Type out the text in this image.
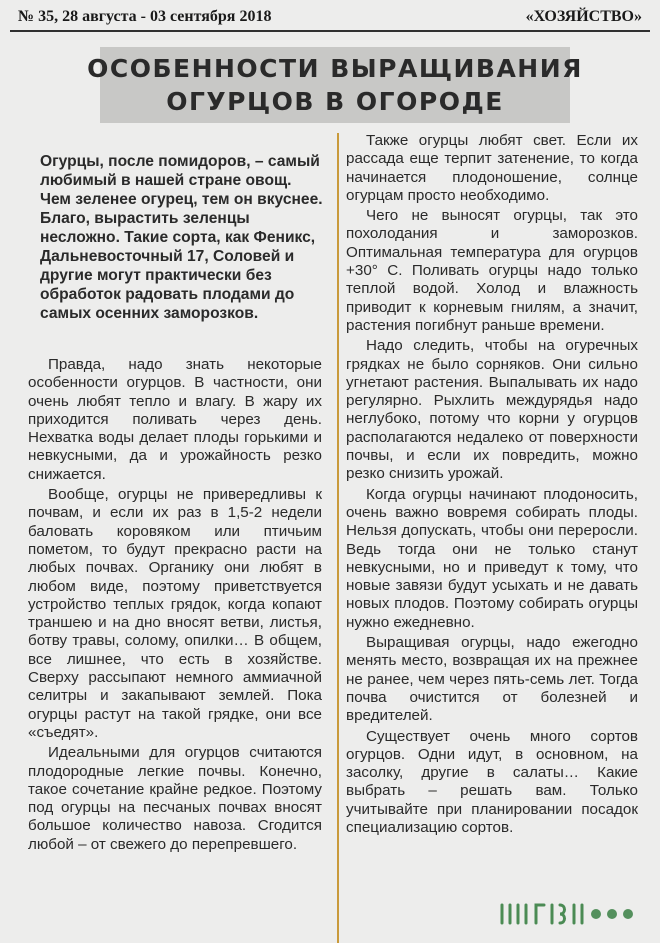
№ 35, 28 августа - 03 сентября 2018	«ХОЗЯЙСТВО»
ОСОБЕННОСТИ ВЫРАЩИВАНИЯ
ОГУРЦОВ В ОГОРОДЕ
Огурцы, после помидоров, – самый любимый в нашей стране овощ. Чем зеленее огурец, тем он вкуснее. Благо, вырастить зеленцы несложно. Такие сорта, как Феникс, Дальневосточный 17, Соловей и другие могут практически без обработок радовать плодами до самых осенних заморозков.

Правда, надо знать некоторые особенности огурцов. В частности, они очень любят тепло и влагу. В жару их приходится поливать через день. Нехватка воды делает плоды горькими и невкусными, да и урожайность резко снижается.

Вообще, огурцы не привередливы к почвам, и если их раз в 1,5-2 недели баловать коровяком или птичьим пометом, то будут прекрасно расти на любых почвах. Органику они любят в любом виде, поэтому приветствуется устройство теплых грядок, когда копают траншею и на дно вносят ветви, листья, ботву травы, солому, опилки… В общем, все лишнее, что есть в хозяйстве. Сверху рассыпают немного аммиачной селитры и закапывают землей. Пока огурцы растут на такой грядке, они все «съедят».

Идеальными для огурцов считаются плодородные легкие почвы. Конечно, такое сочетание крайне редкое. Поэтому под огурцы на песчаных почвах вносят большое количество навоза. Сгодится любой – от свежего до перепревшего.

Также огурцы любят свет. Если их рассада еще терпит затенение, то когда начинается плодоношение, солнце огурцам просто необходимо.

Чего не выносят огурцы, так это похолодания и заморозков. Оптимальная температура для огурцов +30° С. Поливать огурцы надо только теплой водой. Холод и влажность приводит к корневым гнилям, а значит, растения погибнут раньше времени.

Надо следить, чтобы на огуречных грядках не было сорняков. Они сильно угнетают растения. Выпалывать их надо регулярно. Рыхлить междурядья надо неглубоко, потому что корни у огурцов располагаются недалеко от поверхности почвы, и если их повредить, можно резко снизить урожай.

Когда огурцы начинают плодоносить, очень важно вовремя собирать плоды. Нельзя допускать, чтобы они переросли. Ведь тогда они не только станут невкусными, но и приведут к тому, что новые завязи будут усыхать и не давать новых плодов. Поэтому собирать огурцы нужно ежедневно.

Выращивая огурцы, надо ежегодно менять место, возвращая их на прежнее не ранее, чем через пять-семь лет. Тогда почва очистится от болезней и вредителей.

Существует очень много сортов огурцов. Одни идут, в основном, на засолку, другие в салаты… Какие выбрать – решать вам. Только учитывайте при планировании посадок специализацию сортов.
